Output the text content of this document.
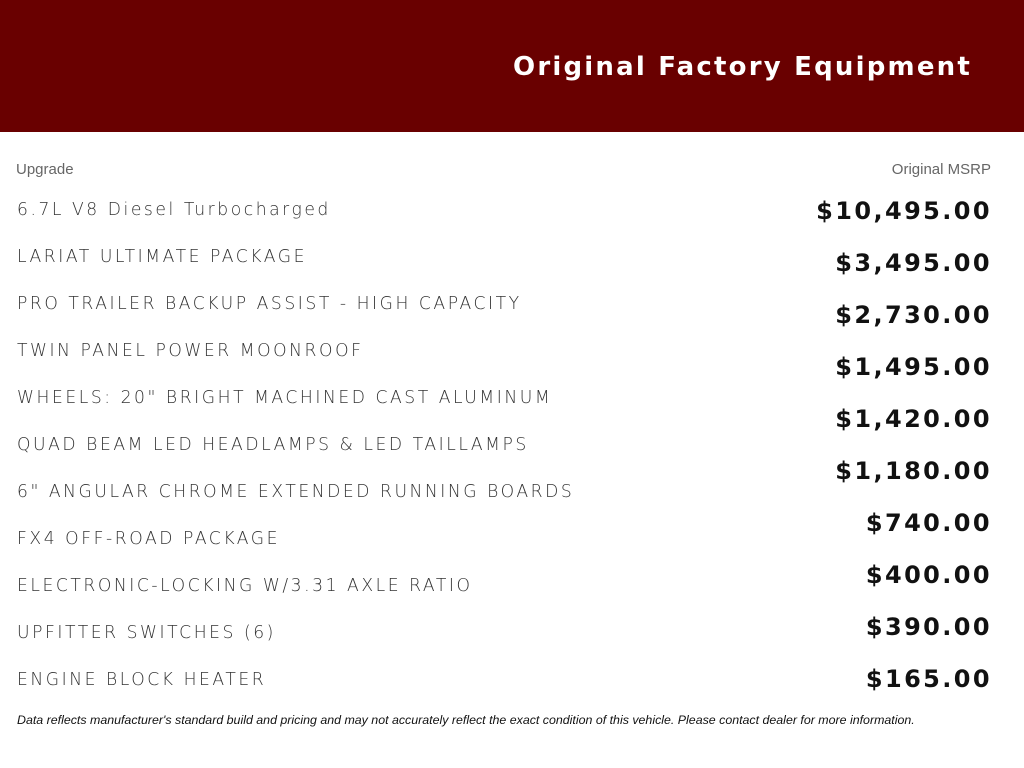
Original Factory Equipment
Upgrade	Original MSRP
6.7L V8 Diesel Turbocharged
LARIAT ULTIMATE PACKAGE
PRO TRAILER BACKUP ASSIST - HIGH CAPACITY
TWIN PANEL POWER MOONROOF
WHEELS: 20" BRIGHT MACHINED CAST ALUMINUM
QUAD BEAM LED HEADLAMPS & LED TAILLAMPS
6" ANGULAR CHROME EXTENDED RUNNING BOARDS
FX4 OFF-ROAD PACKAGE
ELECTRONIC-LOCKING W/3.31 AXLE RATIO
UPFITTER SWITCHES (6)
ENGINE BLOCK HEATER
$10,495.00
$3,495.00
$2,730.00
$1,495.00
$1,420.00
$1,180.00
$740.00
$400.00
$390.00
$165.00
Data reflects manufacturer's standard build and pricing and may not accurately reflect the exact condition of this vehicle. Please contact dealer for more information.
